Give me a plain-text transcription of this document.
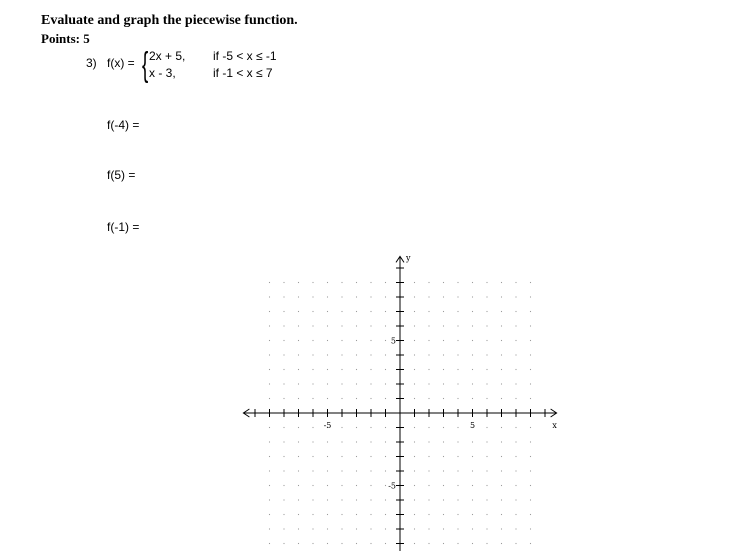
Evaluate and graph the piecewise function.
Points: 5
3) f(x) = { 2x + 5, if -5 < x ≤ -1
x - 3,	if -1 < x ≤ 7
f(-4) =
f(5) =
f(-1) =
-5	5
5
-5
x
y
